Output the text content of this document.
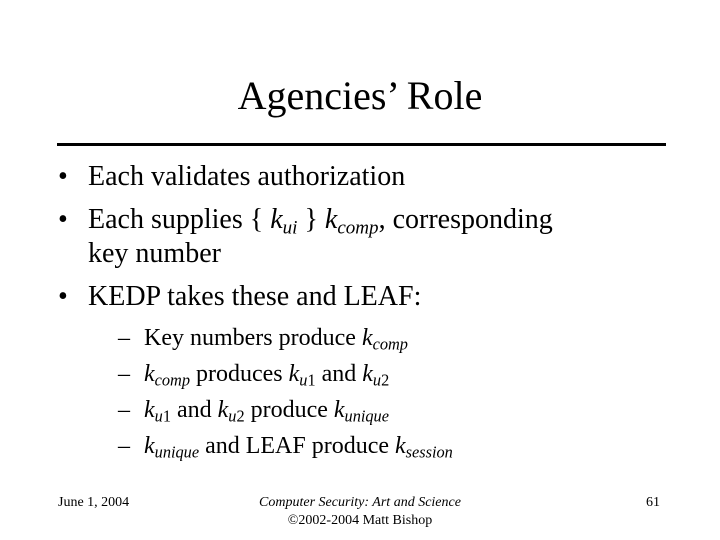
Agencies’ Role
• Each validates authorization
• Each supplies { $k_{ui}$ } $k_{comp}$, corresponding
key number
• KEDP takes these and LEAF:
– Key numbers produce $k_{comp}$
– $k_{comp}$ produces $k_{u1}$ and $k_{u2}$
– $k_{u1}$ and $k_{u2}$ produce $k_{unique}$
– $k_{unique}$ and LEAF produce $k_{session}$
June 1, 2004	Computer Security: Art and Science
©2002-2004 Matt Bishop
61
